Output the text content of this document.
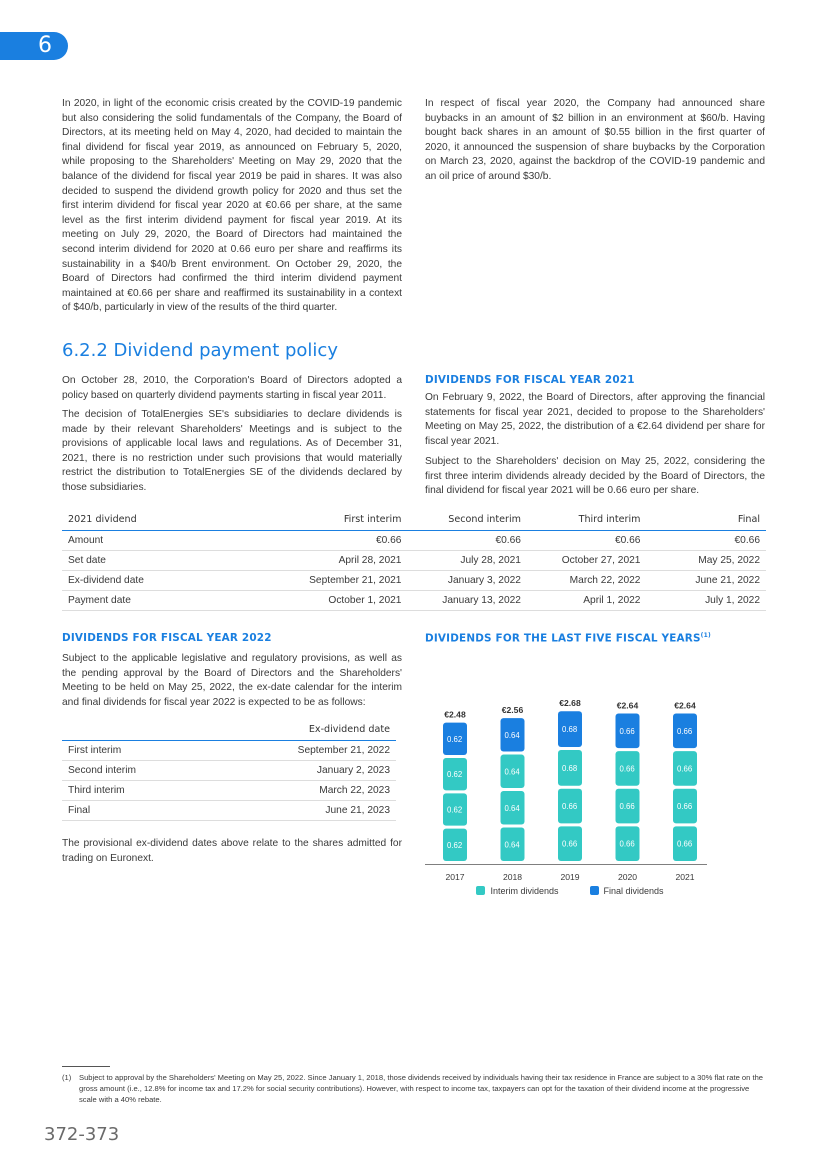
6

In 2020, in light of the economic crisis created by the COVID-19 pandemic but also considering the solid fundamentals of the Company, the Board of Directors, at its meeting held on May 4, 2020, had decided to maintain the final dividend for fiscal year 2019, as announced on February 5, 2020, while proposing to the Shareholders' Meeting on May 29, 2020 that the balance of the dividend for fiscal year 2019 be paid in shares. It was also decided to suspend the dividend growth policy for 2020 and thus set the first interim dividend for fiscal year 2020 at €0.66 per share, at the same level as the first interim dividend payment for fiscal year 2019. At its meeting on July 29, 2020, the Board of Directors had maintained the second interim dividend for 2020 at 0.66 euro per share and reaffirms its sustainability in a $40/b Brent environment. On October 29, 2020, the Board of Directors had confirmed the third interim dividend payment maintained at €0.66 per share and reaffirmed its sustainability in a context of $40/b, particularly in view of the results of the third quarter.

In respect of fiscal year 2020, the Company had announced share buybacks in an amount of $2 billion in an environment at $60/b. Having bought back shares in an amount of $0.55 billion in the first quarter of 2020, it announced the suspension of share buybacks by the Corporation on March 23, 2020, against the backdrop of the COVID-19 pandemic and an oil price of around $30/b.

6.2.2 Dividend payment policy

On October 28, 2010, the Corporation's Board of Directors adopted a policy based on quarterly dividend payments starting in fiscal year 2011.

The decision of TotalEnergies SE's subsidiaries to declare dividends is made by their relevant Shareholders' Meetings and is subject to the provisions of applicable local laws and regulations. As of December 31, 2021, there is no restriction under such provisions that would materially restrict the distribution to TotalEnergies SE of the dividends declared by those subsidiaries.

DIVIDENDS FOR FISCAL YEAR 2021

On February 9, 2022, the Board of Directors, after approving the financial statements for fiscal year 2021, decided to propose to the Shareholders' Meeting on May 25, 2022, the distribution of a €2.64 dividend per share for fiscal year 2021.

Subject to the Shareholders' decision on May 25, 2022, considering the first three interim dividends already decided by the Board of Directors, the final dividend for fiscal year 2021 will be 0.66 euro per share.

2021 dividend	First interim	Second interim	Third interim	Final
Amount	€0.66	€0.66	€0.66	€0.66
Set date	April 28, 2021	July 28, 2021	October 27, 2021	May 25, 2022
Ex-dividend date	September 21, 2021	January 3, 2022	March 22, 2022	June 21, 2022
Payment date	October 1, 2021	January 13, 2022	April 1, 2022	July 1, 2022
DIVIDENDS FOR FISCAL YEAR 2022

Subject to the applicable legislative and regulatory provisions, as well as the pending approval by the Board of Directors and the Shareholders' Meeting to be held on May 25, 2022, the ex-date calendar for the interim and final dividends for fiscal year 2022 is expected to be as follows:

	Ex-dividend date
First interim	September 21, 2022
Second interim	January 2, 2023
Third interim	March 22, 2023
Final	June 21, 2023

The provisional ex-dividend dates above relate to the shares admitted for trading on Euronext.

DIVIDENDS FOR THE LAST FIVE FISCAL YEARS$^{(1)}$
0.62
0.62
0.62
0.62
€2.48
2017
0.64
0.64
0.64
0.64
€2.56
2018
0.66
0.66
0.68
0.68
€2.68
2019
0.66
0.66
0.66
0.66
€2.64
2020
0.66
0.66
0.66
0.66
€2.64
2021
Interim dividends	Final dividends
(1) Subject to approval by the Shareholders' Meeting on May 25, 2022. Since January 1, 2018, those dividends received by individuals having their tax residence in France are subject to a 30% flat rate on the gross amount (i.e., 12.8% for income tax and 17.2% for social security contributions). However, with respect to income tax, taxpayers can opt for the taxation of their dividend income at the progressive scale with a 40% rebate.
372-373
